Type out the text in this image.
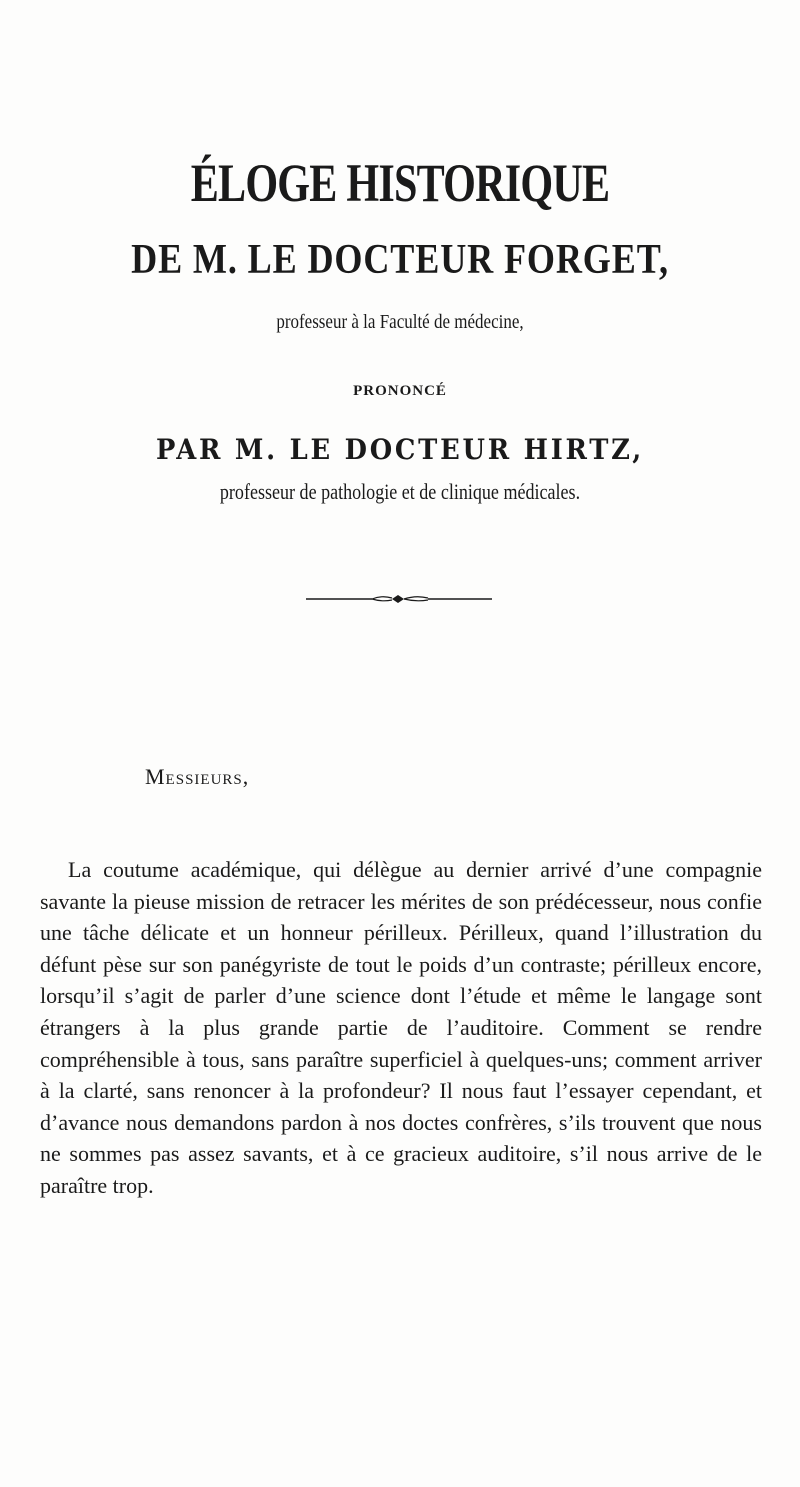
ÉLOGE HISTORIQUE
DE M. LE DOCTEUR FORGET,
professeur à la Faculté de médecine,
PRONONCÉ
PAR M. LE DOCTEUR HIRTZ,
professeur de pathologie et de clinique médicales.
Messieurs,

La coutume académique, qui délègue au dernier arrivé d’une compagnie savante la pieuse mission de retracer les mérites de son prédécesseur, nous confie une tâche délicate et un honneur périlleux. Périlleux, quand l’illustration du défunt pèse sur son panégyriste de tout le poids d’un contraste; périlleux encore, lorsqu’il s’agit de parler d’une science dont l’étude et même le langage sont étrangers à la plus grande partie de l’auditoire. Comment se rendre compréhensible à tous, sans paraître superficiel à quelques-uns; comment arriver à la clarté, sans renoncer à la profondeur? Il nous faut l’essayer cependant, et d’avance nous demandons pardon à nos doctes confrères, s’ils trouvent que nous ne sommes pas assez savants, et à ce gracieux auditoire, s’il nous arrive de le paraître trop.
